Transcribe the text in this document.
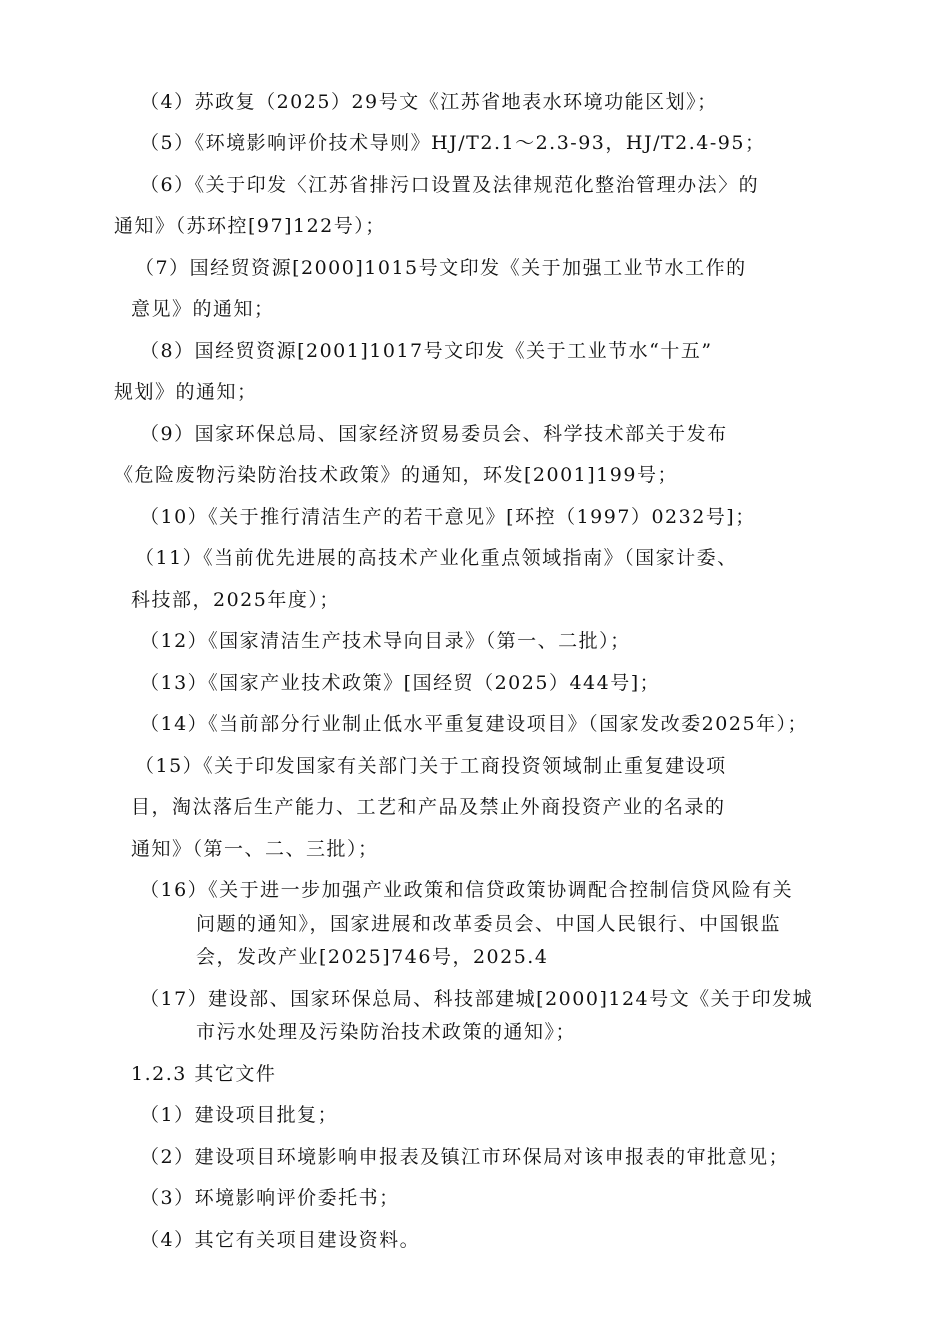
（4）苏政复（2025）29号文《江苏省地表水环境功能区划》；
（5）《环境影响评价技术导则》HJ/T2.1～2.3-93，HJ/T2.4-95；
（6）《关于印发〈江苏省排污口设置及法律规范化整治管理办法〉的
通知》（苏环控[97]122号）；
（7）国经贸资源[2000]1015号文印发《关于加强工业节水工作的
意见》的通知；
（8）国经贸资源[2001]1017号文印发《关于工业节水“十五”
规划》的通知；
（9）国家环保总局、国家经济贸易委员会、科学技术部关于发布
《危险废物污染防治技术政策》的通知，环发[2001]199号；
（10）《关于推行清洁生产的若干意见》[环控（1997）0232号]；
（11）《当前优先进展的高技术产业化重点领域指南》（国家计委、
科技部，2025年度）；
（12）《国家清洁生产技术导向目录》（第一、二批）；
（13）《国家产业技术政策》[国经贸（2025）444号]；
（14）《当前部分行业制止低水平重复建设项目》（国家发改委2025年）；
（15）《关于印发国家有关部门关于工商投资领域制止重复建设项
目，淘汰落后生产能力、工艺和产品及禁止外商投资产业的名录的
通知》（第一、二、三批）；
（16）《关于进一步加强产业政策和信贷政策协调配合控制信贷风险有关
问题的通知》，国家进展和改革委员会、中国人民银行、中国银监
会，发改产业[2025]746号，2025.4
（17）建设部、国家环保总局、科技部建城[2000]124号文《关于印发城
市污水处理及污染防治技术政策的通知》；
1.2.3 其它文件
（1）建设项目批复；
（2）建设项目环境影响申报表及镇江市环保局对该申报表的审批意见；
（3）环境影响评价委托书；
（4）其它有关项目建设资料。
